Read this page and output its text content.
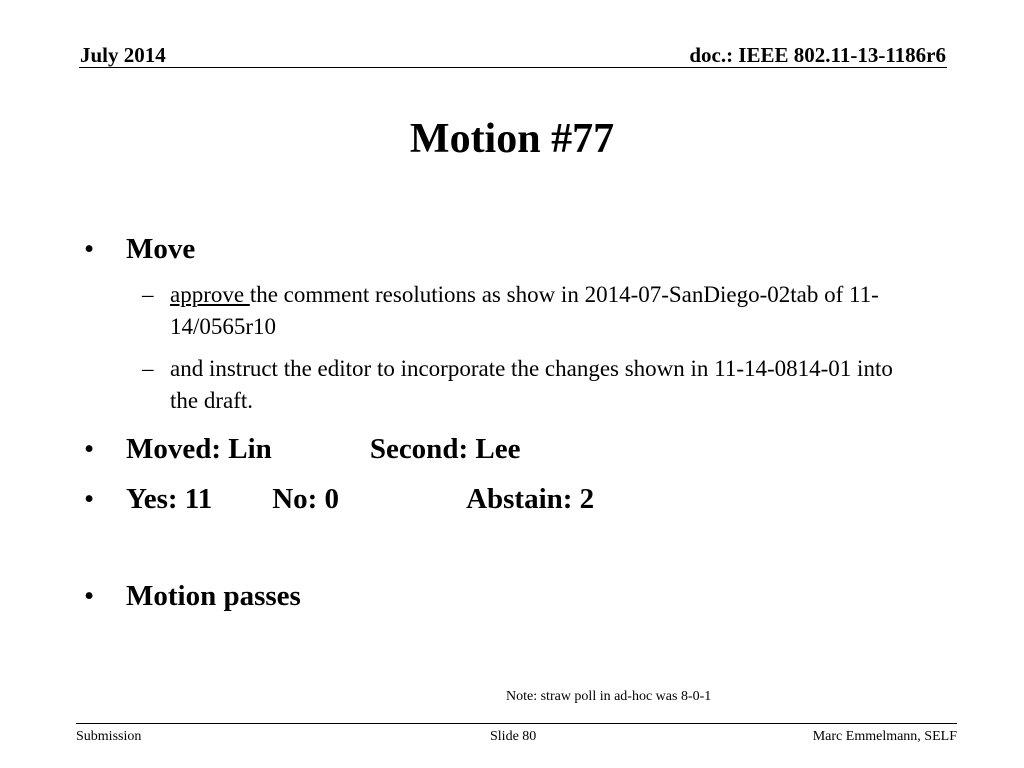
July 2014	doc.: IEEE 802.11-13-1186r6
Motion #77
• Move
– approve the comment resolutions as show in 2014-07-SanDiego-02tab of 11-14/0565r10
– and instruct the editor to incorporate the changes shown in 11-14-0814-01 into the draft.
• Moved: Lin	Second: Lee
• Yes: 11 No: 0	Abstain: 2
• Motion passes
Note: straw poll in ad-hoc was 8-0-1
Submission	Slide 80	Marc Emmelmann, SELF
